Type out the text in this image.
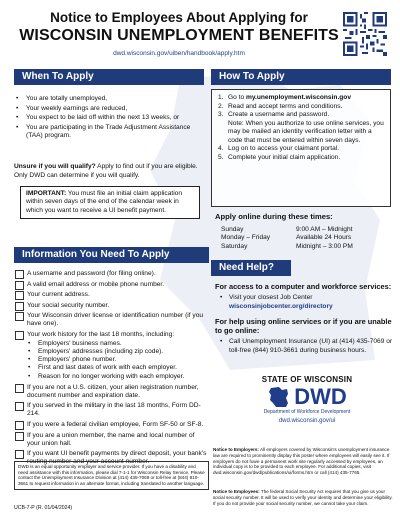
Notice to Employees About Applying for
WISCONSIN UNEMPLOYMENT BENEFITS
dwd.wisconsin.gov/uiben/handbook/apply.htm
When To Apply
• You are totally unemployed,
• Your weekly earnings are reduced,
• You expect to be laid off within the next 13 weeks, or
• You are participating in the Trade Adjustment Assistance (TAA) program.
Unsure if you will qualify? Apply to find out if you are eligible. Only DWD can determine if you will qualify.
IMPORTANT: You must file an initial claim application within seven days of the end of the calendar week in which you want to receive a UI benefit payment.
How To Apply
1. Go to my.unemployment.wisconsin.gov
2. Read and accept terms and conditions.
3. Create a username and password.
Note: When you authorize to use online services, you may be mailed an identity verification letter with a code that must be entered within seven days.
4. Log on to access your claimant portal.
5. Complete your initial claim application.
Apply online during these times:
Sunday	9:00 AM – Midnight
Monday – Friday	Available 24 Hours
Saturday	Midnight – 3:00 PM
Information You Need To Apply
A username and password (for filing online).
A valid email address or mobile phone number.
Your current address.
Your social security number.
Your Wisconsin driver license or identification number (if you have one).
Your work history for the last 18 months, including:
• Employers' business names.
• Employers' addresses (including zip code).
• Employers' phone number.
• First and last dates of work with each employer.
• Reason for no longer working with each employer.
If you are not a U.S. citizen, your alien registration number, document number and expiration date.
If you served in the military in the last 18 months, Form DD-214.
If you were a federal civilian employee, Form SF-50 or SF-8.
If you are a union member, the name and local number of your union hall.
If you want UI benefit payments by direct deposit, your bank's routing number and your account number.
Need Help?
For access to a computer and workforce services:
• Visit your closest Job Center
wisconsinjobcenter.org/directory
For help using online services or if you are unable to go online:
• Call Unemployment Insurance (UI) at (414) 435-7069 or toll-free (844) 910-3661 during business hours.
STATE OF WISCONSIN
DWD
Department of Workforce Development
dwd.wisconsin.gov/ui
DWD is an equal opportunity employer and service provider. If you have a disability and need assistance with this information, please dial 7-1-1 for Wisconsin Relay Service. Please contact the Unemployment Insurance Division at (414) 435-7069 or toll-free at (844) 910-3661 to request information in an alternate format, including translated to another language.
UCB-7-P (R. 01/04/2024)
Notice to Employers: All employers covered by Wisconsin's unemployment insurance law are required to prominently display this poster where employees will easily see it. If employers do not have a permanent work site regularly accessed by employees, an individual copy is to be provided to each employee. For additional copies, visit dwd.wisconsin.gov/dwd/publications/ui/forms.htm or call (414) 435-7765.
Notice to Employees: The federal Social Security Act requires that you give us your social security number. It will be used to verify your identity and determine your eligibility. If you do not provide your social security number, we cannot take your claim.
